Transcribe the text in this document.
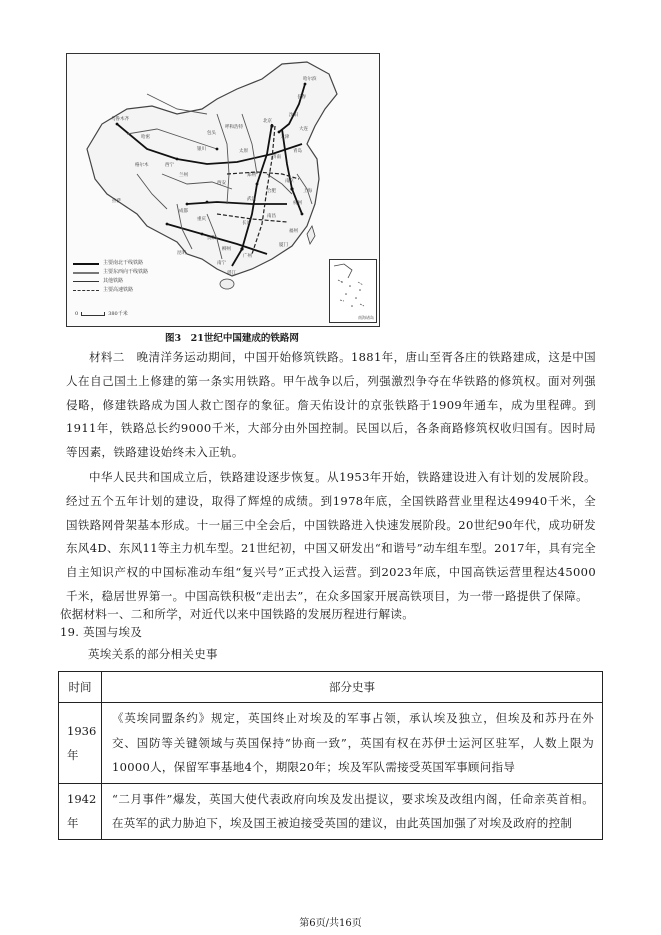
乌鲁木齐
哈密
格尔木
拉萨
西宁
兰州
银川
包头
呼和浩特
北京
天津
太原
济南
郑州
西安
成都
重庆
武汉
南京
上海
杭州
南昌
长沙
贵阳
昆明
南宁
广州
福州
厦门
哈尔滨
长春
沈阳
大连
青岛
合肥
湛江
柳州
主要南北干线铁路
主要东西向干线铁路
其他铁路
主要高速铁路
0	380千米
南海诸岛
图3　21世纪中国建成的铁路网

材料二　晚清洋务运动期间，中国开始修筑铁路。1881年，唐山至胥各庄的铁路建成，这是中国人在自己国土上修建的第一条实用铁路。甲午战争以后，列强激烈争夺在华铁路的修筑权。面对列强侵略，修建铁路成为国人救亡图存的象征。詹天佑设计的京张铁路于1909年通车，成为里程碑。到1911年，铁路总长约9000千米，大部分由外国控制。民国以后，各条商路修筑权收归国有。因时局等因素，铁路建设始终未入正轨。

中华人民共和国成立后，铁路建设逐步恢复。从1953年开始，铁路建设进入有计划的发展阶段。经过五个五年计划的建设，取得了辉煌的成绩。到1978年底，全国铁路营业里程达49940千米，全国铁路网骨架基本形成。十一届三中全会后，中国铁路进入快速发展阶段。20世纪90年代，成功研发东风4D、东风11等主力机车型。21世纪初，中国又研发出“和谐号”动车组车型。2017年，具有完全自主知识产权的中国标准动车组“复兴号”正式投入运营。到2023年底，中国高铁运营里程达45000千米，稳居世界第一。中国高铁积极“走出去”，在众多国家开展高铁项目，为一带一路提供了保障。

依据材料一、二和所学，对近代以来中国铁路的发展历程进行解读。

19. 英国与埃及

英埃关系的部分相关史事

时间	部分史事
1936年	《英埃同盟条约》规定，英国终止对埃及的军事占领，承认埃及独立，但埃及和苏丹在外交、国防等关键领域与英国保持“协商一致”，英国有权在苏伊士运河区驻军，人数上限为10000人，保留军事基地4个，期限20年；埃及军队需接受英国军事顾问指导
1942年	“二月事件”爆发，英国大使代表政府向埃及发出提议，要求埃及改组内阁，任命亲英首相。在英军的武力胁迫下，埃及国王被迫接受英国的建议，由此英国加强了对埃及政府的控制
第6页/共16页
